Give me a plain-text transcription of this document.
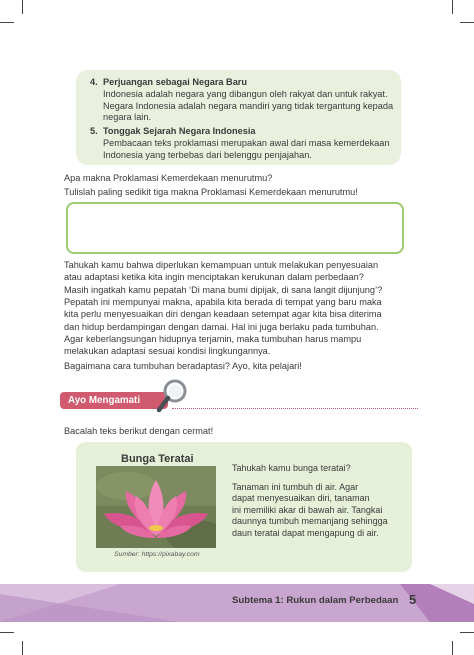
4. Perjuangan sebagai Negara Baru
Indonesia adalah negara yang dibangun oleh rakyat dan untuk rakyat.
Negara Indonesia adalah negara mandiri yang tidak tergantung kepada
negara lain.
5. Tonggak Sejarah Negara Indonesia
Pembacaan teks proklamasi merupakan awal dari masa kemerdekaan
Indonesia yang terbebas dari belenggu penjajahan.
Apa makna Proklamasi Kemerdekaan menurutmu?
Tulislah paling sedikit tiga makna Proklamasi Kemerdekaan menurutmu!
Tahukah kamu bahwa diperlukan kemampuan untuk melakukan penyesuaian
atau adaptasi ketika kita ingin menciptakan kerukunan dalam perbedaan?
Masih ingatkah kamu pepatah ‘Di mana bumi dipijak, di sana langit dijunjung’?
Pepatah ini mempunyai makna, apabila kita berada di tempat yang baru maka
kita perlu menyesuaikan diri dengan keadaan setempat agar kita bisa diterima
dan hidup berdampingan dengan damai. Hal ini juga berlaku pada tumbuhan.
Agar keberlangsungan hidupnya terjamin, maka tumbuhan harus mampu
melakukan adaptasi sesuai kondisi lingkungannya.
Bagaimana cara tumbuhan beradaptasi? Ayo, kita pelajari!
Ayo Mengamati
Bacalah teks berikut dengan cermat!
Bunga Teratai
Sumber: https://pixabay.com
Tahukah kamu bunga teratai?
Tanaman ini tumbuh di air. Agar
dapat menyesuaikan diri, tanaman
ini memiliki akar di bawah air. Tangkai
daunnya tumbuh memanjang sehingga
daun teratai dapat mengapung di air.
Subtema 1: Rukun dalam Perbedaan 5
